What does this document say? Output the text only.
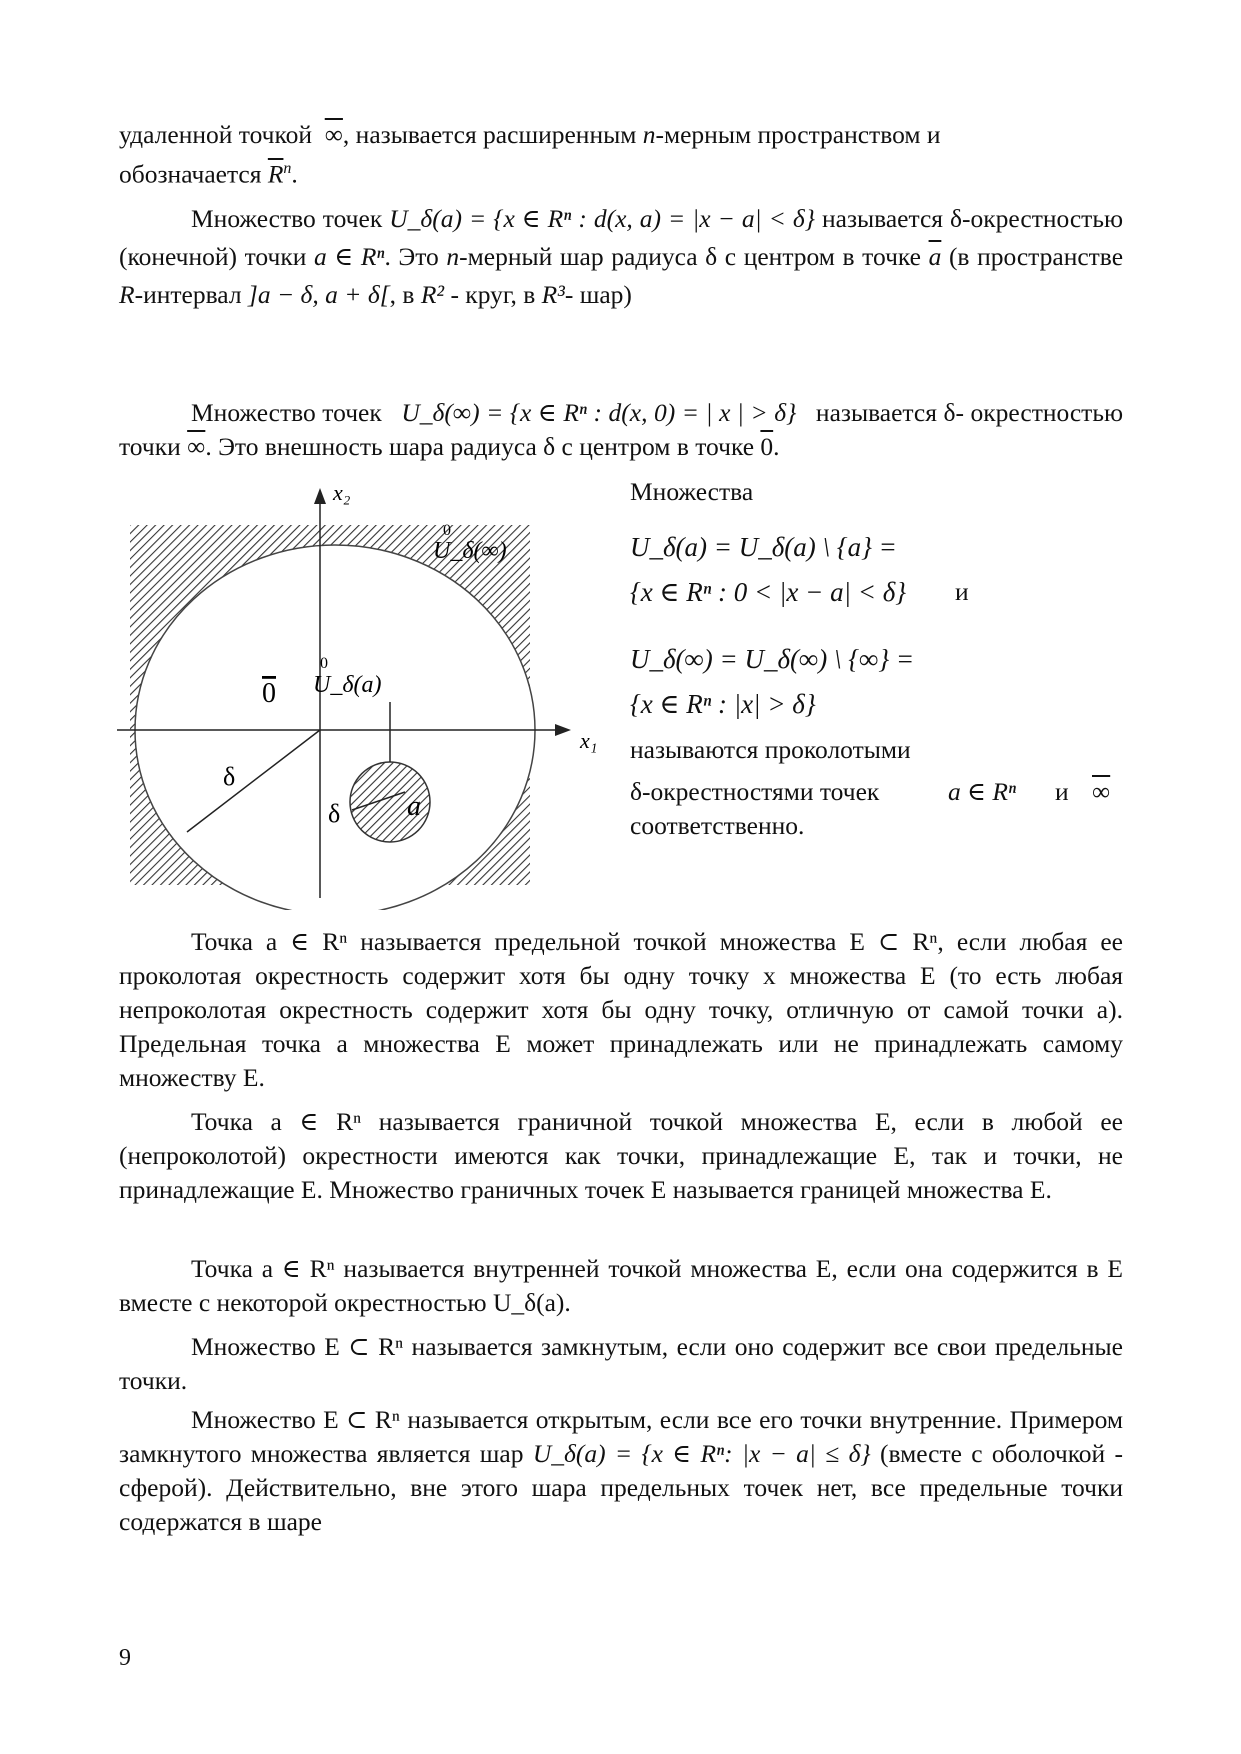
удаленной точкой ∞, называется расширенным n-мерным пространством и
обозначается $\overline{R}^n$.

Множество точек U_δ(a) = {x ∈ Rⁿ : d(x, a) = |x − a| < δ} называется δ-окрестностью (конечной) точки a ∈ Rⁿ. Это n-мерный шар радиуса δ с центром в точке $\overline{a}$ (в пространстве R-интервал ]a − δ, a + δ[, в R² - круг, в R³- шар)

Множество точек U_δ(∞) = {x ∈ Rⁿ : d(x, 0) = | x | > δ} называется δ- окрестностью точки ∞. Это внешность шара радиуса δ с центром в точке 0.

x₂
x₁
0
δ
δ a
0
U_δ(∞)
0
U_δ(a)

Множества

U_δ(a) = U_δ(a) \ {a} =

{x ∈ Rⁿ : 0 < |x − a| < δ} и

U_δ(∞) = U_δ(∞) \ {∞} =

{x ∈ Rⁿ : |x| > δ}

называются проколотыми

δ-окрестностями точек	a ∈ Rⁿ и ∞

соответственно.

Точка a ∈ Rⁿ называется предельной точкой множества E ⊂ Rⁿ, если любая ее проколотая окрестность содержит хотя бы одну точку x множества E (то есть любая непроколотая окрестность содержит хотя бы одну точку, отличную от самой точки a). Предельная точка a множества E может принадлежать или не принадлежать самому множеству E.

Точка a ∈ Rⁿ называется граничной точкой множества E, если в любой ее (непроколотой) окрестности имеются как точки, принадлежащие E, так и точки, не принадлежащие E. Множество граничных точек E называется границей множества E.

Точка a ∈ Rⁿ называется внутренней точкой множества E, если она содержится в E вместе с некоторой окрестностью U_δ(a).

Множество E ⊂ Rⁿ называется замкнутым, если оно содержит все свои предельные точки.

Множество E ⊂ Rⁿ называется открытым, если все его точки внутренние. Примером замкнутого множества является шар U_δ(a) = {x ∈ Rⁿ: |x − a| ≤ δ} (вместе с оболочкой - сферой). Действительно, вне этого шара предельных точек нет, все предельные точки содержатся в шаре

9
